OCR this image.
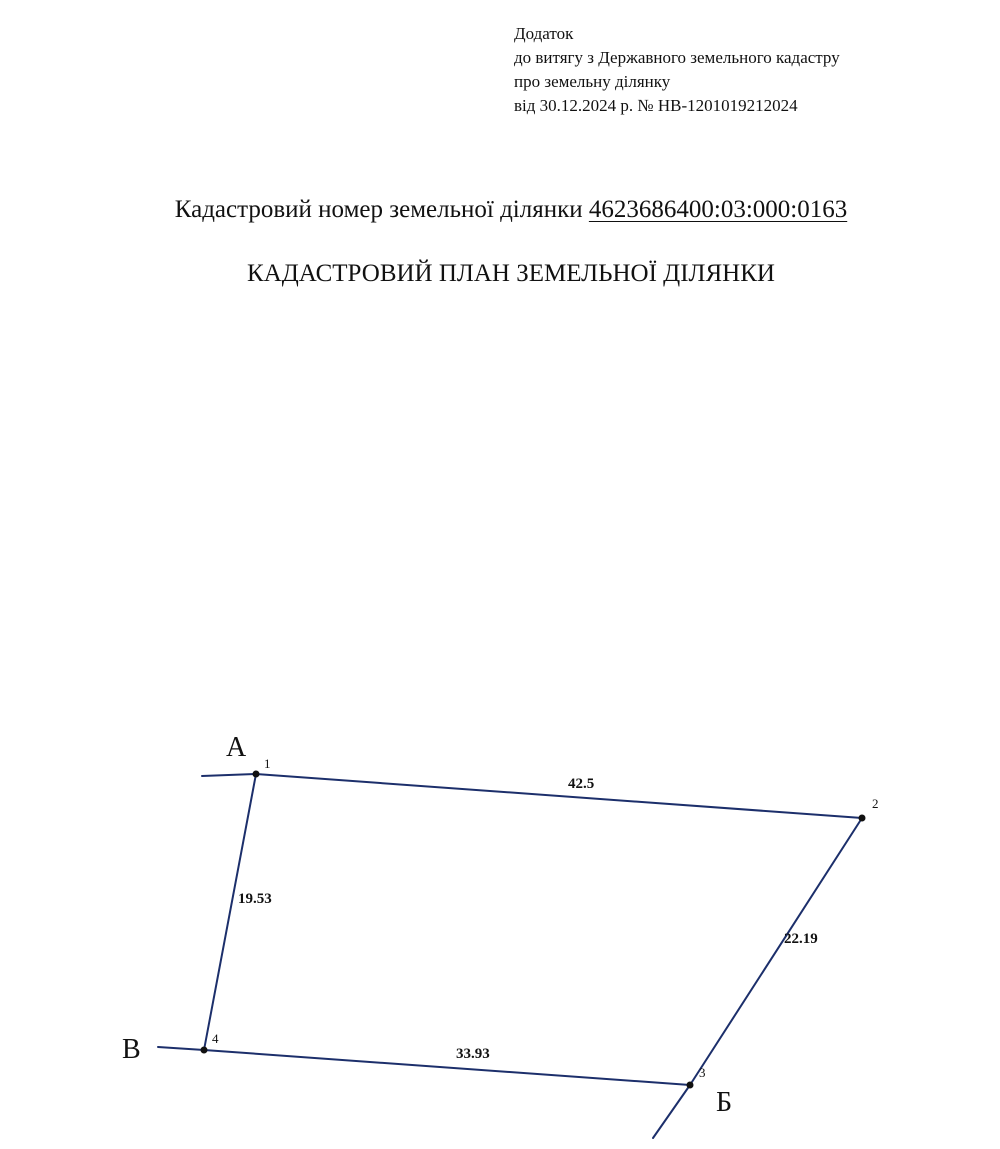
Додаток
до витягу з Державного земельного кадастру
про земельну ділянку
від 30.12.2024 р. № НВ-1201019212024
Кадастровий номер земельної ділянки 4623686400:03:000:0163
КАДАСТРОВИЙ ПЛАН ЗЕМЕЛЬНОЇ ДІЛЯНКИ
1
2
3
4
42.5
22.19
33.93
19.53
А
Б
В
